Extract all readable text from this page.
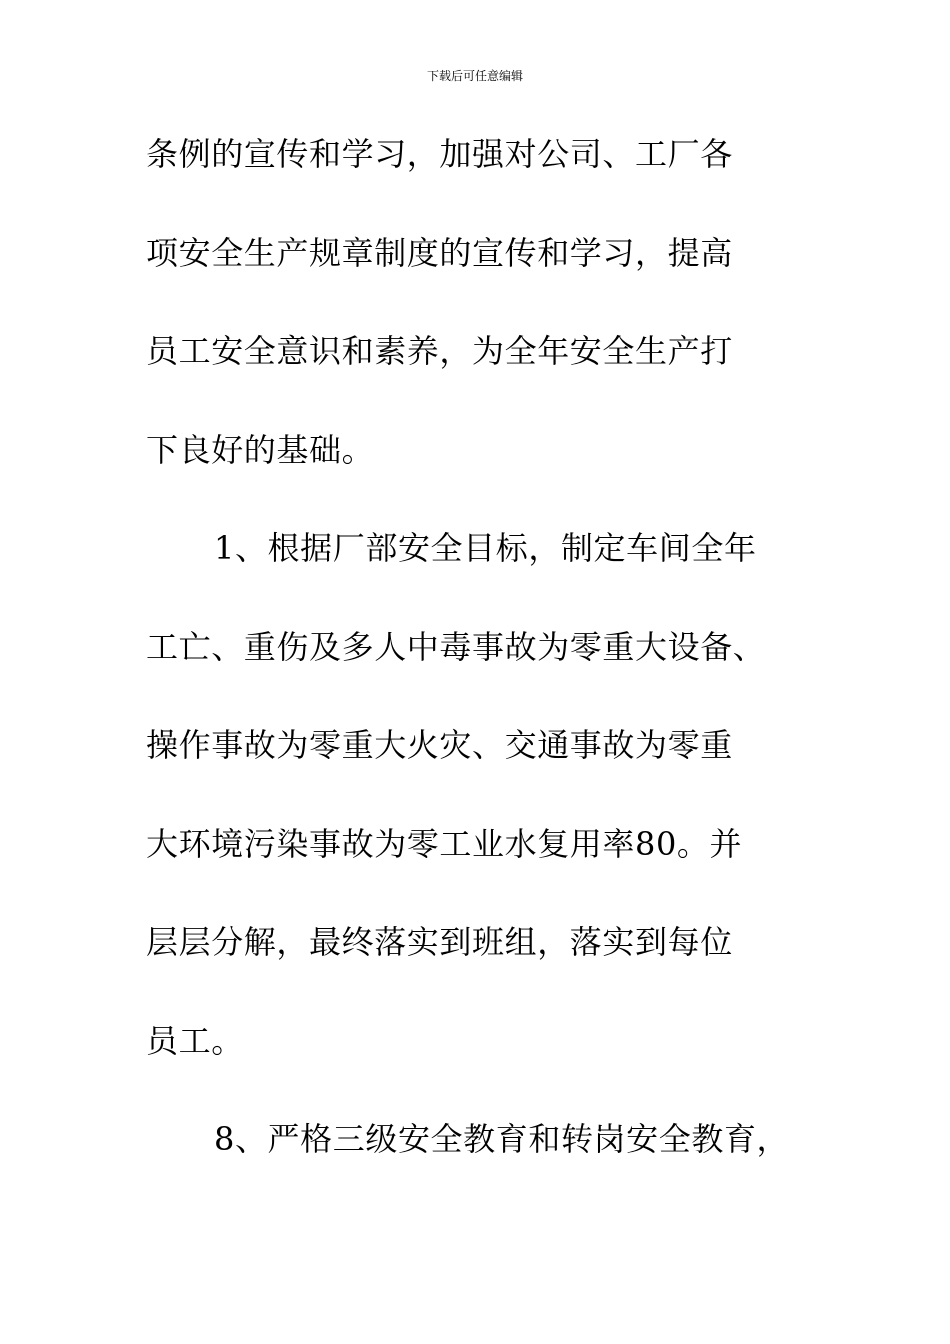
下载后可任意编辑
条例的宣传和学习，加强对公司、工厂各
项安全生产规章制度的宣传和学习，提高
员工安全意识和素养，为全年安全生产打
下良好的基础。
1、根据厂部安全目标，制定车间全年
工亡、重伤及多人中毒事故为零重大设备、
操作事故为零重大火灾、交通事故为零重
大环境污染事故为零工业水复用率80。并
层层分解，最终落实到班组，落实到每位
员工。
8、严格三级安全教育和转岗安全教育，
